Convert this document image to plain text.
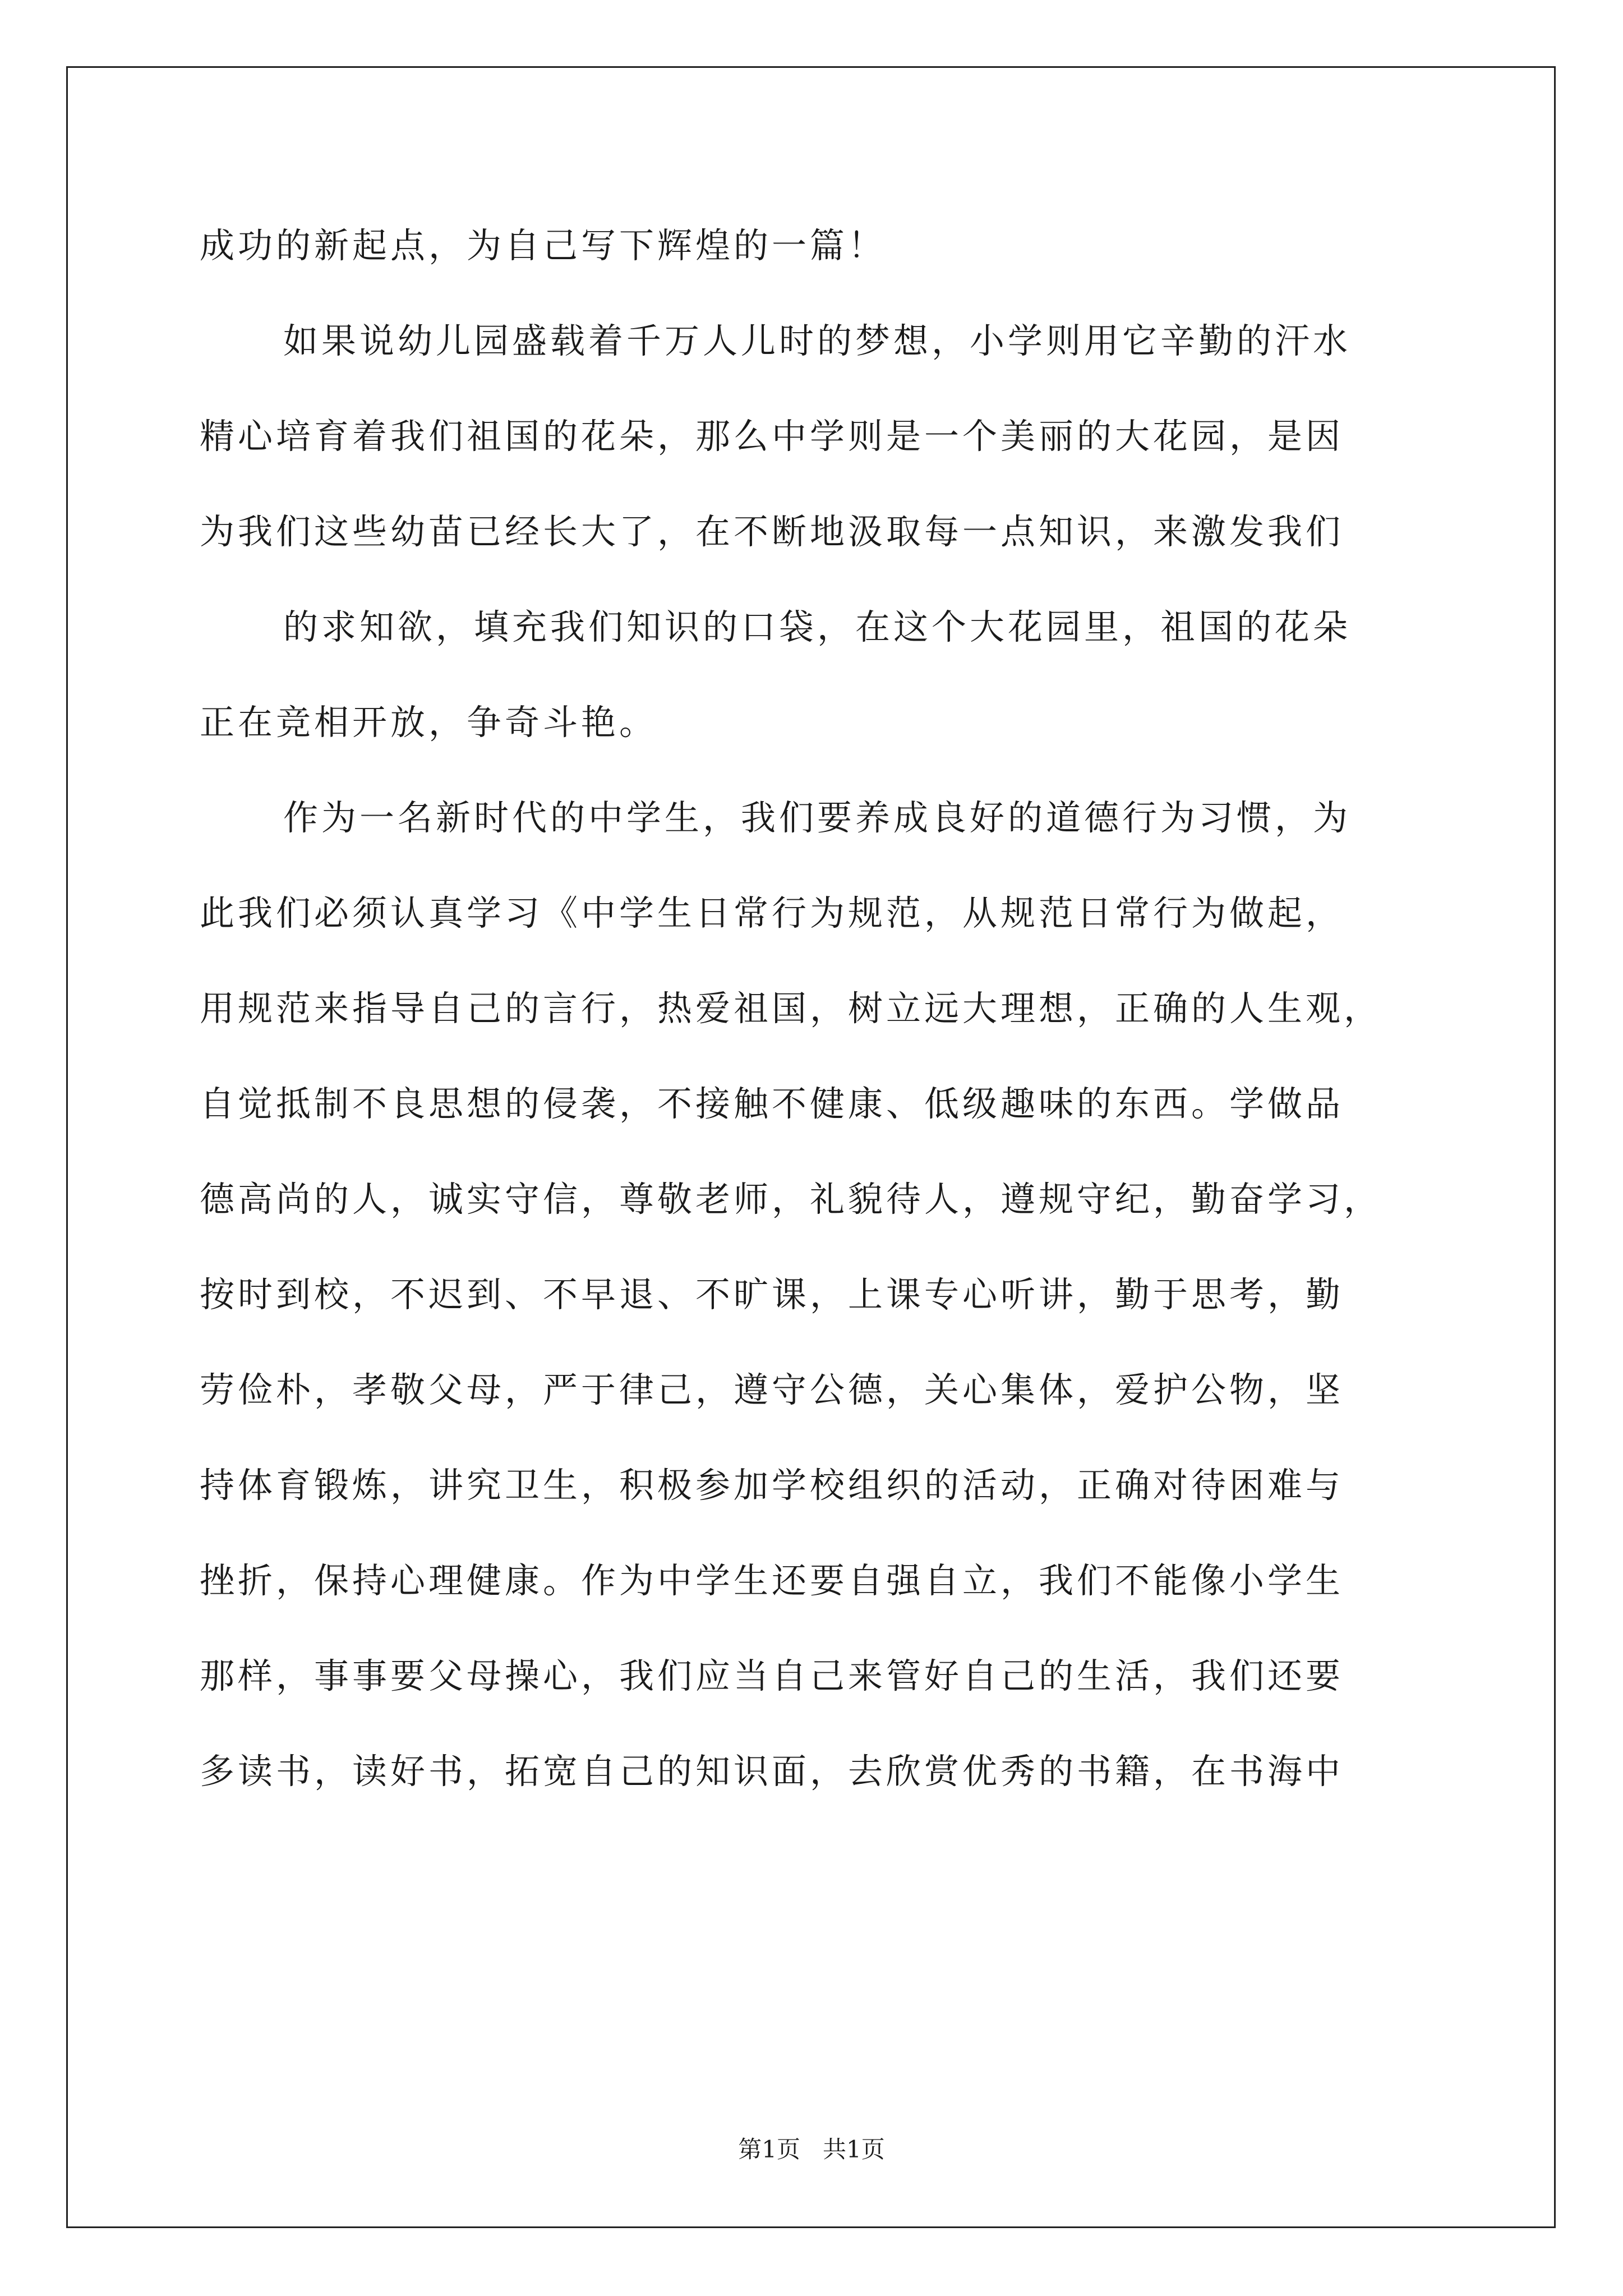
成功的新起点，为自己写下辉煌的一篇！
如果说幼儿园盛载着千万人儿时的梦想，小学则用它辛勤的汗水
精心培育着我们祖国的花朵，那么中学则是一个美丽的大花园，是因
为我们这些幼苗已经长大了，在不断地汲取每一点知识，来激发我们
的求知欲，填充我们知识的口袋，在这个大花园里，祖国的花朵
正在竞相开放，争奇斗艳。
作为一名新时代的中学生，我们要养成良好的道德行为习惯，为
此我们必须认真学习《中学生日常行为规范，从规范日常行为做起，
用规范来指导自己的言行，热爱祖国，树立远大理想，正确的人生观，
自觉抵制不良思想的侵袭，不接触不健康、低级趣味的东西。学做品
德高尚的人，诚实守信，尊敬老师，礼貌待人，遵规守纪，勤奋学习，
按时到校，不迟到、不早退、不旷课，上课专心听讲，勤于思考，勤
劳俭朴，孝敬父母，严于律己，遵守公德，关心集体，爱护公物，坚
持体育锻炼，讲究卫生，积极参加学校组织的活动，正确对待困难与
挫折，保持心理健康。作为中学生还要自强自立，我们不能像小学生
那样，事事要父母操心，我们应当自己来管好自己的生活，我们还要
多读书，读好书，拓宽自己的知识面，去欣赏优秀的书籍，在书海中
第1页   共1页
